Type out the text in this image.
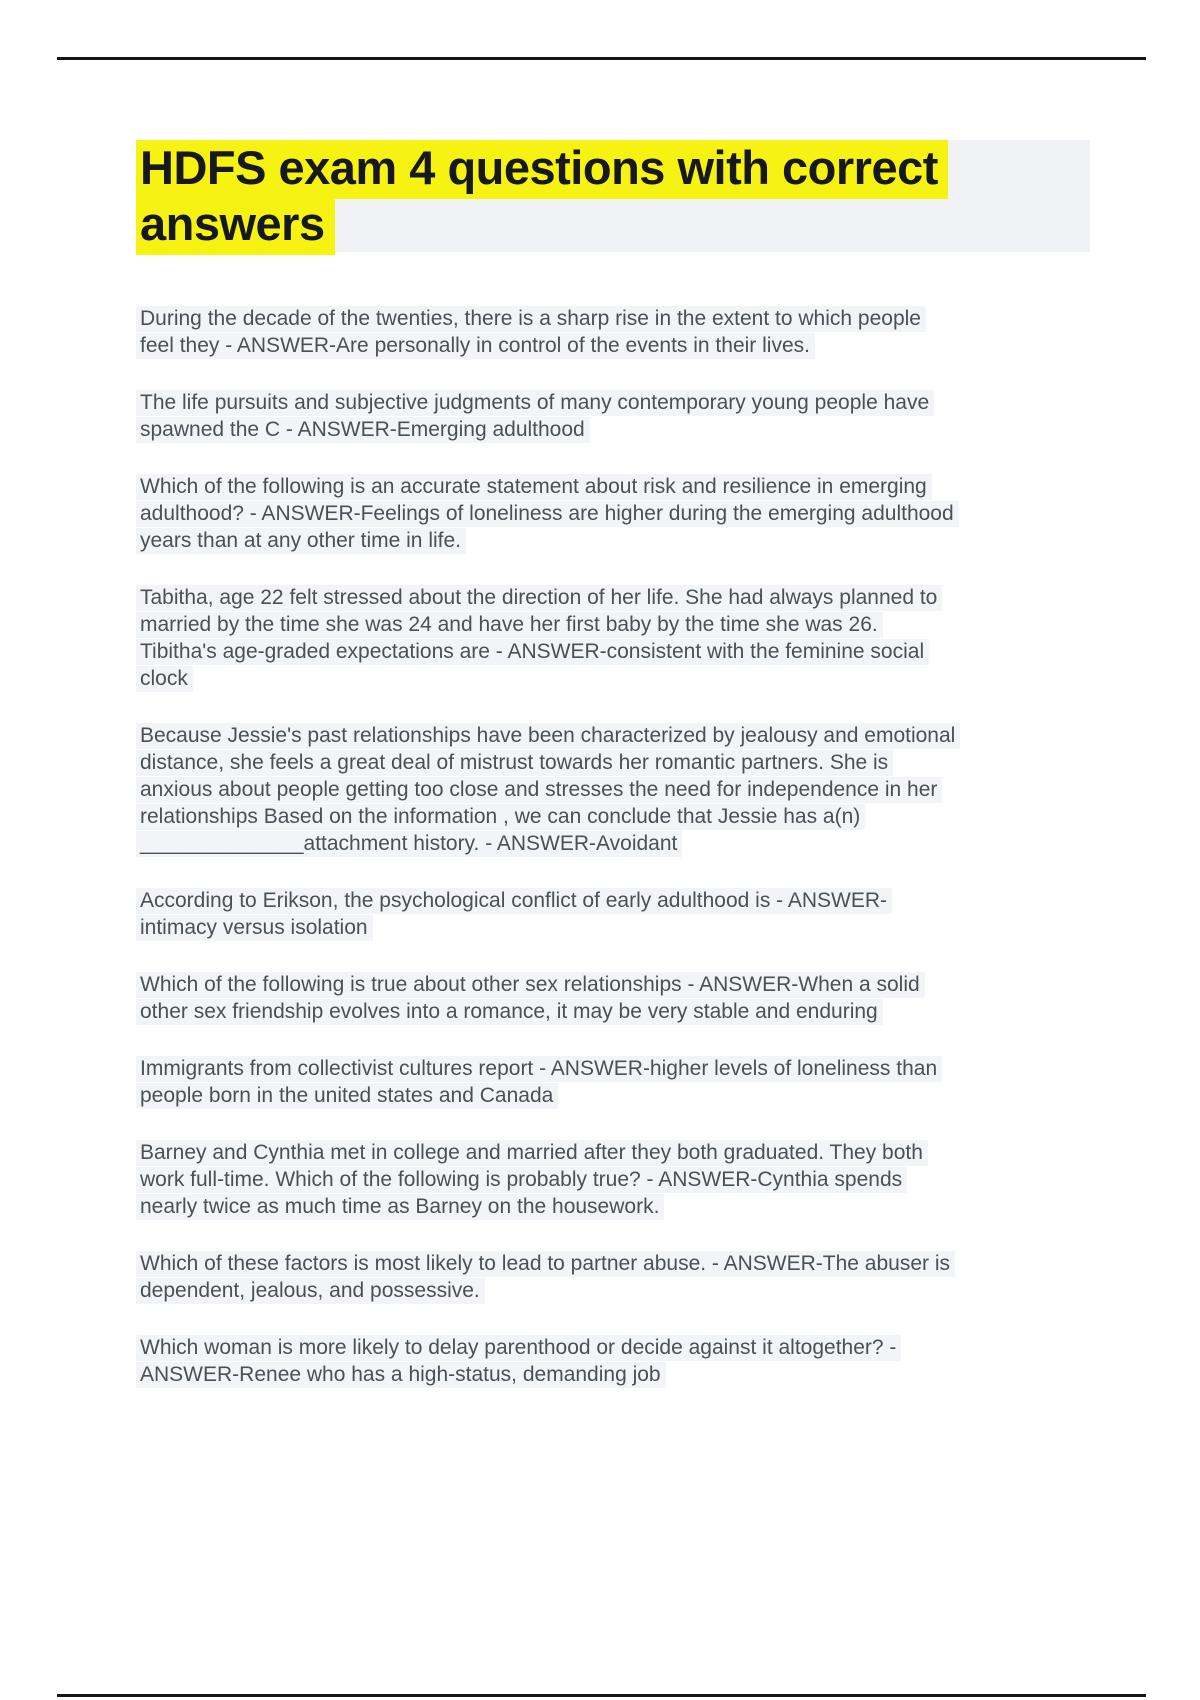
HDFS exam 4 questions with correct
answers

During the decade of the twenties, there is a sharp rise in the extent to which people
feel they - ANSWER-Are personally in control of the events in their lives.

The life pursuits and subjective judgments of many contemporary young people have
spawned the C - ANSWER-Emerging adulthood

Which of the following is an accurate statement about risk and resilience in emerging
adulthood? - ANSWER-Feelings of loneliness are higher during the emerging adulthood
years than at any other time in life.

Tabitha, age 22 felt stressed about the direction of her life. She had always planned to
married by the time she was 24 and have her first baby by the time she was 26.
Tibitha's age-graded expectations are - ANSWER-consistent with the feminine social
clock

Because Jessie's past relationships have been characterized by jealousy and emotional
distance, she feels a great deal of mistrust towards her romantic partners. She is
anxious about people getting too close and stresses the need for independence in her
relationships Based on the information , we can conclude that Jessie has a(n)
______________attachment history. - ANSWER-Avoidant

According to Erikson, the psychological conflict of early adulthood is - ANSWER-
intimacy versus isolation

Which of the following is true about other sex relationships - ANSWER-When a solid
other sex friendship evolves into a romance, it may be very stable and enduring

Immigrants from collectivist cultures report - ANSWER-higher levels of loneliness than
people born in the united states and Canada

Barney and Cynthia met in college and married after they both graduated. They both
work full-time. Which of the following is probably true? - ANSWER-Cynthia spends
nearly twice as much time as Barney on the housework.

Which of these factors is most likely to lead to partner abuse. - ANSWER-The abuser is
dependent, jealous, and possessive.

Which woman is more likely to delay parenthood or decide against it altogether? -
ANSWER-Renee who has a high-status, demanding job
